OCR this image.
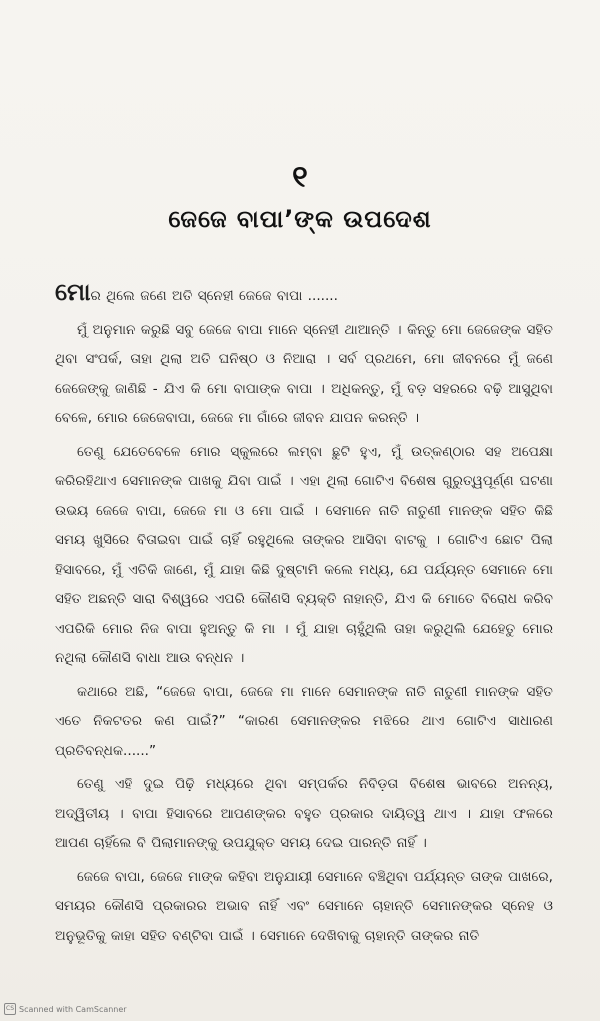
୧
ଜେଜେ ବାପା’ଙ୍କ ଉପଦେଶ

ମୋର ଥିଲେ ଜଣେ ଅତି ସ୍ନେହୀ ଜେଜେ ବାପା .......

ମୁଁ ଅନୁମାନ କରୁଛି ସବୁ ଜେଜେ ବାପା ମାନେ ସ୍ନେହୀ ଥାଆନ୍ତି । କିନ୍ତୁ ମୋ ଜେଜେଙ୍କ ସହିତ ଥିବା ସଂପର୍କ, ତାହା ଥିଲା ଅତି ଘନିଷ୍ଠ ଓ ନିଆରା । ସର୍ବ ପ୍ରଥମେ, ମୋ ଜୀବନରେ ମୁଁ ଜଣେ ଜେଜେଙ୍କୁ ଜାଣିଛି - ଯିଏ କି ମୋ ବାପାଙ୍କ ବାପା । ଅଧିକନ୍ତୁ, ମୁଁ ବଡ଼ ସହରରେ ବଢ଼ି ଆସୁଥିବା ବେଳେ, ମୋର ଜେଜେବାପା, ଜେଜେ ମା ଗାଁରେ ଜୀବନ ଯାପନ କରନ୍ତି ।

ତେଣୁ ଯେତେବେଳେ ମୋର ସ୍କୁଲରେ ଲମ୍ବା ଛୁଟି ହୁଏ, ମୁଁ ଉତ୍କଣ୍ଠାର ସହ ଅପେକ୍ଷା କରିରହିଥାଏ ସେମାନଙ୍କ ପାଖକୁ ଯିବା ପାଇଁ । ଏହା ଥିଲା ଗୋଟିଏ ବିଶେଷ ଗୁରୁତ୍ୱପୂର୍ଣ୍ଣ ଘଟଣା ଉଭୟ ଜେଜେ ବାପା, ଜେଜେ ମା ଓ ମୋ ପାଇଁ । ସେମାନେ ନାତି ନାତୁଣୀ ମାନଙ୍କ ସହିତ କିଛି ସମୟ ଖୁସିରେ ବିତାଇବା ପାଇଁ ଚାହିଁ ରହୁଥିଲେ ତାଙ୍କର ଆସିବା ବାଟକୁ । ଗୋଟିଏ ଛୋଟ ପିଲା ହିସାବରେ, ମୁଁ ଏତିକି ଜାଣେ, ମୁଁ ଯାହା କିଛି ଦୁଷ୍ଟାମି କଲେ ମଧ୍ୟ, ଯେ ପର୍ଯ୍ୟନ୍ତ ସେମାନେ ମୋ ସହିତ ଅଛନ୍ତି ସାରା ବିଶ୍ୱରେ ଏପରି କୌଣସି ବ୍ୟକ୍ତି ନାହାନ୍ତି, ଯିଏ କି ମୋତେ ବିରୋଧ କରିବ ଏପରିକି ମୋର ନିଜ ବାପା ହୁଅନ୍ତୁ କି ମା । ମୁଁ ଯାହା ଚାହୁଁଥିଲି ତାହା କରୁଥିଲି ଯେହେତୁ ମୋର ନଥିଲା କୌଣସି ବାଧା ଆଉ ବନ୍ଧନ ।

କଥାରେ ଅଛି, “ଜେଜେ ବାପା, ଜେଜେ ମା ମାନେ ସେମାନଙ୍କ ନାତି ନାତୁଣୀ ମାନଙ୍କ ସହିତ ଏତେ ନିକଟତର କଣ ପାଇଁ?” “କାରଣ ସେମାନଙ୍କର ମଝିରେ ଥାଏ ଗୋଟିଏ ସାଧାରଣ ପ୍ରତିବନ୍ଧକ......”

ତେଣୁ ଏହି ଦୁଇ ପିଢ଼ି ମଧ୍ୟରେ ଥିବା ସମ୍ପର୍କର ନିବିଡ଼ତା ବିଶେଷ ଭାବରେ ଅନନ୍ୟ, ଅଦ୍ୱିତୀୟ । ବାପା ହିସାବରେ ଆପଣଙ୍କର ବହୁତ ପ୍ରକାର ଦାୟିତ୍ୱ ଥାଏ । ଯାହା ଫଳରେ ଆପଣ ଚାହିଁଲେ ବି ପିଲାମାନଙ୍କୁ ଉପଯୁକ୍ତ ସମୟ ଦେଇ ପାରନ୍ତି ନାହିଁ ।

ଜେଜେ ବାପା, ଜେଜେ ମାଙ୍କ କହିବା ଅନୁଯାୟୀ ସେମାନେ ବଞ୍ଚିଥିବା ପର୍ଯ୍ୟନ୍ତ ତାଙ୍କ ପାଖରେ, ସମୟର କୌଣସି ପ୍ରକାରର ଅଭାବ ନାହିଁ ଏବଂ ସେମାନେ ଚାହାନ୍ତି ସେମାନଙ୍କର ସ୍ନେହ ଓ ଅନୁଭୂତିକୁ କାହା ସହିତ ବଣ୍ଟିବା ପାଇଁ । ସେମାନେ ଦେଖିବାକୁ ଚାହାନ୍ତି ତାଙ୍କର ନାତି

CS Scanned with CamScanner
